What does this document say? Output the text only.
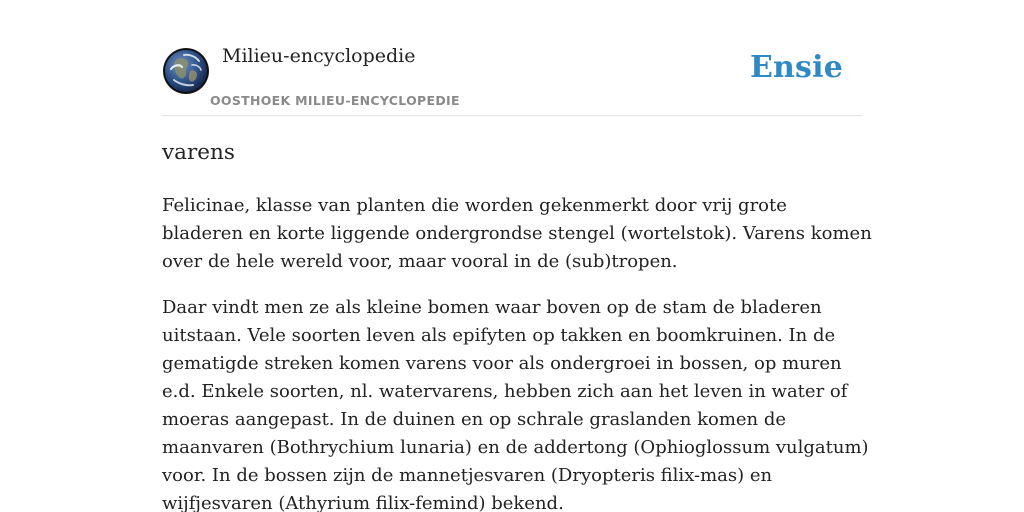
Milieu-encyclopedie
OOSTHOEK MILIEU-ENCYCLOPEDIE
Ensie
varens

Felicinae, klasse van planten die worden gekenmerkt door vrij grote bladeren en korte liggende ondergrondse stengel (wortelstok). Varens komen over de hele wereld voor, maar vooral in de (sub)tropen.

Daar vindt men ze als kleine bomen waar boven op de stam de bladeren uitstaan. Vele soorten leven als epifyten op takken en boomkruinen. In de gematigde streken komen varens voor als ondergroei in bossen, op muren e.d. Enkele soorten, nl. watervarens, hebben zich aan het leven in water of moeras aangepast. In de duinen en op schrale graslanden komen de maanvaren (Bothrychium lunaria) en de addertong (Ophioglossum vulgatum) voor. In de bossen zijn de mannetjesvaren (Dryopteris filix-mas) en wijfjesvaren (Athyrium filix-femind) bekend.
